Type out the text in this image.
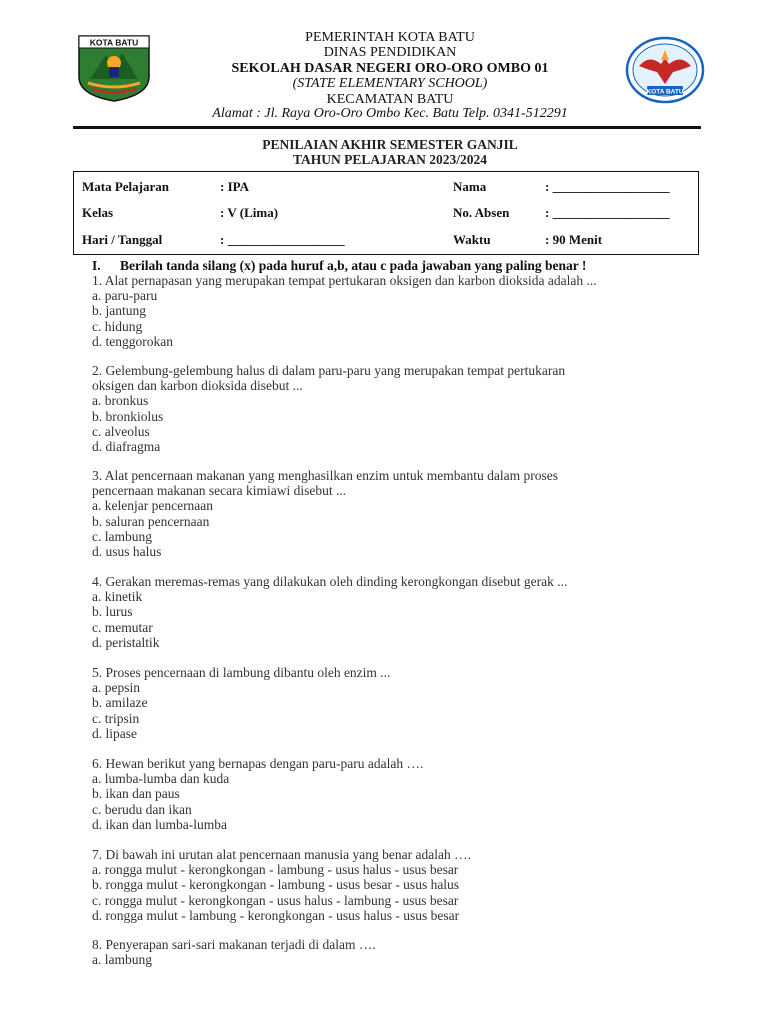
KOTA BATU
KOTA BATU
PEMERINTAH KOTA BATU
DINAS PENDIDIKAN
SEKOLAH DASAR NEGERI ORO-ORO OMBO 01
(STATE ELEMENTARY SCHOOL)
KECAMATAN BATU
Alamat : Jl. Raya Oro-Oro Ombo Kec. Batu Telp. 0341-512291
PENILAIAN AKHIR SEMESTER GANJIL
TAHUN PELAJARAN 2023/2024
Mata Pelajaran	: IPA	Nama	: __________________
Kelas	: V (Lima)	No. Absen	: __________________
Hari / Tanggal	: __________________	Waktu	: 90 Menit
I. Berilah tanda silang (x) pada huruf a,b, atau c pada jawaban yang paling benar !
1. Alat pernapasan yang merupakan tempat pertukaran oksigen dan karbon dioksida adalah ...
a. paru-paru
b. jantung
c. hidung
d. tenggorokan
2. Gelembung-gelembung halus di dalam paru-paru yang merupakan tempat pertukaran
oksigen dan karbon dioksida disebut ...
a. bronkus
b. bronkiolus
c. alveolus
d. diafragma
3. Alat pencernaan makanan yang menghasilkan enzim untuk membantu dalam proses
pencernaan makanan secara kimiawi disebut ...
a. kelenjar pencernaan
b. saluran pencernaan
c. lambung
d. usus halus
4. Gerakan meremas-remas yang dilakukan oleh dinding kerongkongan disebut gerak ...
a. kinetik
b. lurus
c. memutar
d. peristaltik
5. Proses pencernaan di lambung dibantu oleh enzim ...
a. pepsin
b. amilaze
c. tripsin
d. lipase
6. Hewan berikut yang bernapas dengan paru-paru adalah ….
a. lumba-lumba dan kuda
b. ikan dan paus
c. berudu dan ikan
d. ikan dan lumba-lumba
7. Di bawah ini urutan alat pencernaan manusia yang benar adalah ….
a. rongga mulut - kerongkongan - lambung - usus halus - usus besar
b. rongga mulut - kerongkongan - lambung - usus besar - usus halus
c. rongga mulut - kerongkongan - usus halus - lambung - usus besar
d. rongga mulut - lambung - kerongkongan - usus halus - usus besar
8. Penyerapan sari-sari makanan terjadi di dalam ….
a. lambung
